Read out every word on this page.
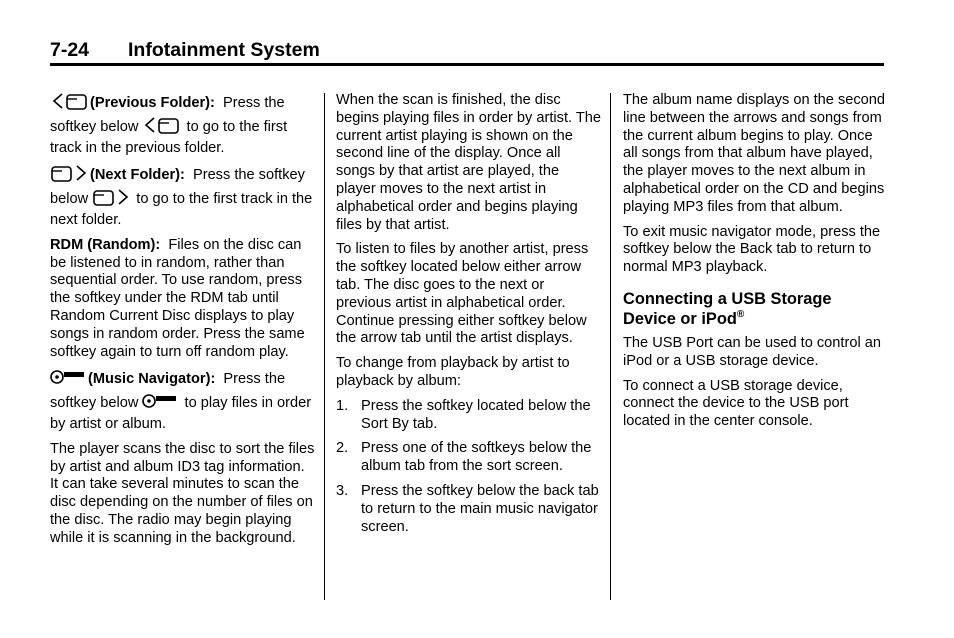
7-24 Infotainment System

(Previous Folder): Press the softkey below	to go to the first track in the previous folder.

(Next Folder): Press the softkey below	to go to the first track in the next folder.

RDM (Random): Files on the disc can be listened to in random, rather than sequential order. To use random, press the softkey under the RDM tab until Random Current Disc displays to play songs in random order. Press the same softkey again to turn off random play.

(Music Navigator): Press the softkey below	to play files in order by artist or album.

The player scans the disc to sort the files by artist and album ID3 tag information. It can take several minutes to scan the disc depending on the number of files on the disc. The radio may begin playing while it is scanning in the background.

When the scan is finished, the disc begins playing files in order by artist. The current artist playing is shown on the second line of the display. Once all songs by that artist are played, the player moves to the next artist in alphabetical order and begins playing files by that artist.

To listen to files by another artist, press the softkey located below either arrow tab. The disc goes to the next or previous artist in alphabetical order. Continue pressing either softkey below the arrow tab until the artist displays.

To change from playback by artist to playback by album:

1. Press the softkey located below the Sort By tab.
2. Press one of the softkeys below the album tab from the sort screen.
3. Press the softkey below the back tab to return to the main music navigator screen.

The album name displays on the second line between the arrows and songs from the current album begins to play. Once all songs from that album have played, the player moves to the next album in alphabetical order on the CD and begins playing MP3 files from that album.

To exit music navigator mode, press the softkey below the Back tab to return to normal MP3 playback.

Connecting a USB Storage Device or iPod®

The USB Port can be used to control an iPod or a USB storage device.

To connect a USB storage device, connect the device to the USB port located in the center console.
